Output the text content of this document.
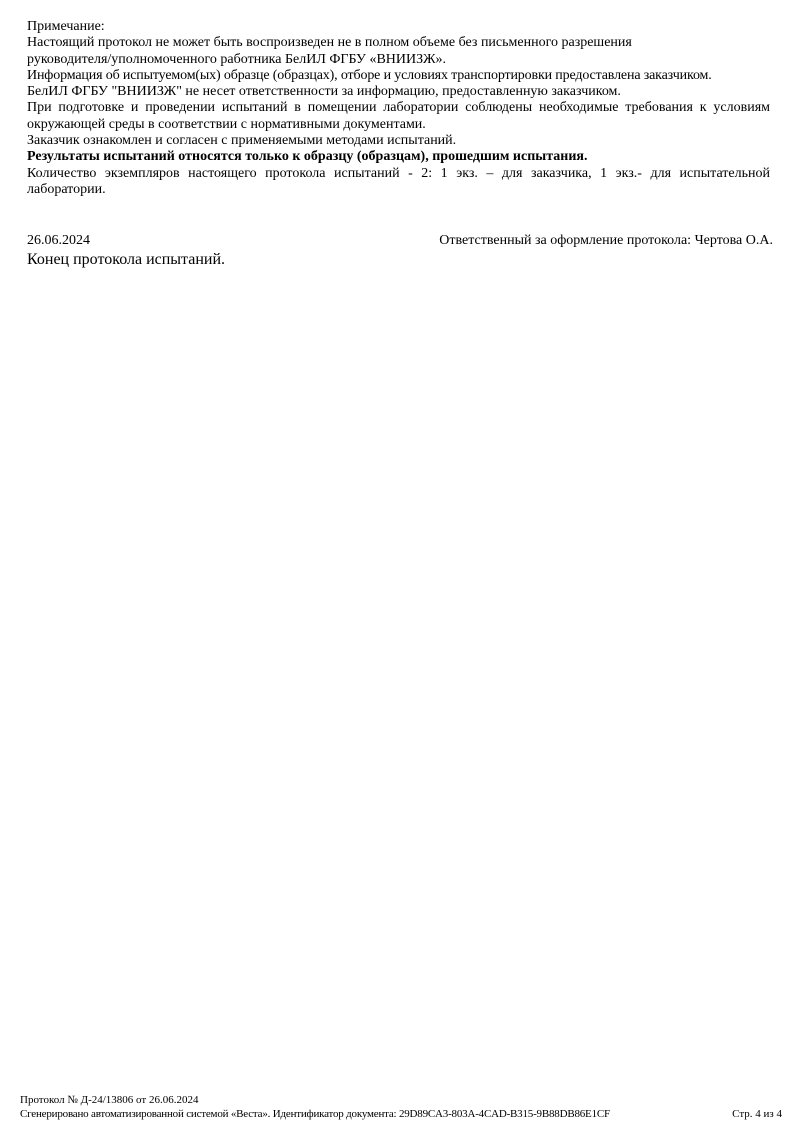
Примечание:

Настоящий протокол не может быть воспроизведен не в полном объеме без письменного разрешения

руководителя/уполномоченного работника БелИЛ ФГБУ «ВНИИЗЖ».

Информация об испытуемом(ых) образце (образцах), отборе и условиях транспортировки предоставлена заказчиком.

БелИЛ ФГБУ "ВНИИЗЖ" не несет ответственности за информацию, предоставленную заказчиком.

При подготовке и проведении испытаний в помещении лаборатории соблюдены необходимые требования к условиям окружающей среды в соответствии с нормативными документами.

Заказчик ознакомлен и согласен с применяемыми методами испытаний.

Результаты испытаний относятся только к образцу (образцам), прошедшим испытания.

Количество экземпляров настоящего протокола испытаний - 2: 1 экз. – для заказчика, 1 экз.- для испытательной лаборатории.

26.06.2024	Ответственный за оформление протокола: Чертова О.А.
Конец протокола испытаний.
Протокол № Д-24/13806 от 26.06.2024
Сгенерировано автоматизированной системой «Веста». Идентификатор документа: 29D89CA3-803A-4CAD-B315-9B88DB86E1CF	Стр. 4 из 4
